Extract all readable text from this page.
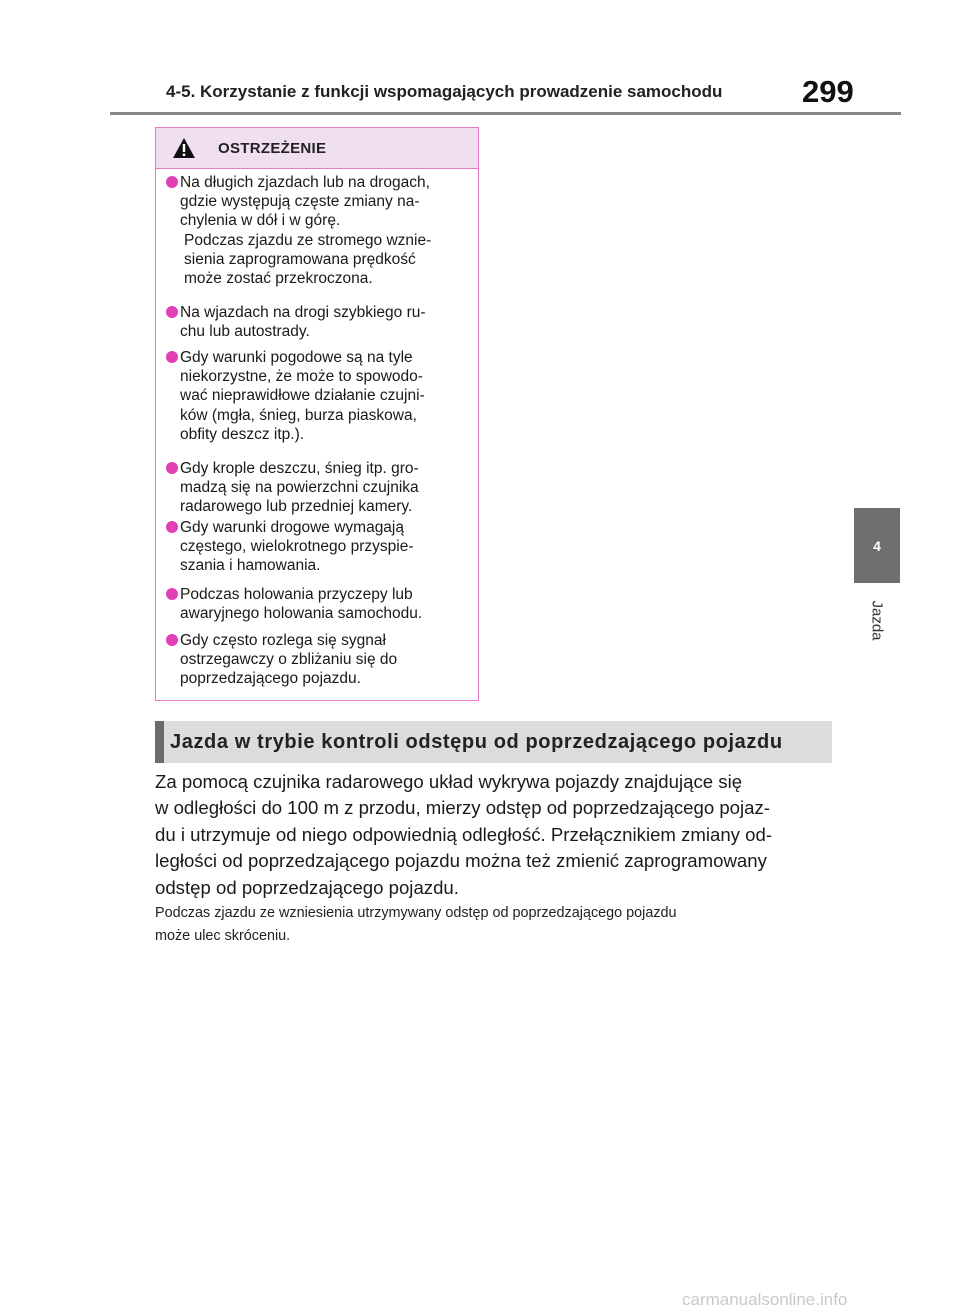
4-5. Korzystanie z funkcji wspomagających prowadzenie samochodu	299
4
Jazda
OSTRZEŻENIE

Na długich zjazdach lub na drogach,

gdzie występują częste zmiany na-

chylenia w dół i w górę.

Podczas zjazdu ze stromego wznie-

sienia zaprogramowana prędkość

może zostać przekroczona.

Na wjazdach na drogi szybkiego ru-

chu lub autostrady.

Gdy warunki pogodowe są na tyle

niekorzystne, że może to spowodo-

wać nieprawidłowe działanie czujni-

ków (mgła, śnieg, burza piaskowa,

obfity deszcz itp.).

Gdy krople deszczu, śnieg itp. gro-

madzą się na powierzchni czujnika

radarowego lub przedniej kamery.

Gdy warunki drogowe wymagają

częstego, wielokrotnego przyspie-

szania i hamowania.

Podczas holowania przyczepy lub

awaryjnego holowania samochodu.

Gdy często rozlega się sygnał

ostrzegawczy o zbliżaniu się do

poprzedzającego pojazdu.

Jazda w trybie kontroli odstępu od poprzedzającego pojazdu

Za pomocą czujnika radarowego układ wykrywa pojazdy znajdujące się

w odległości do 100 m z przodu, mierzy odstęp od poprzedzającego pojaz-

du i utrzymuje od niego odpowiednią odległość. Przełącznikiem zmiany od-

ległości od poprzedzającego pojazdu można też zmienić zaprogramowany

odstęp od poprzedzającego pojazdu.

Podczas zjazdu ze wzniesienia utrzymywany odstęp od poprzedzającego pojazdu

może ulec skróceniu.

carmanualsonline.info
